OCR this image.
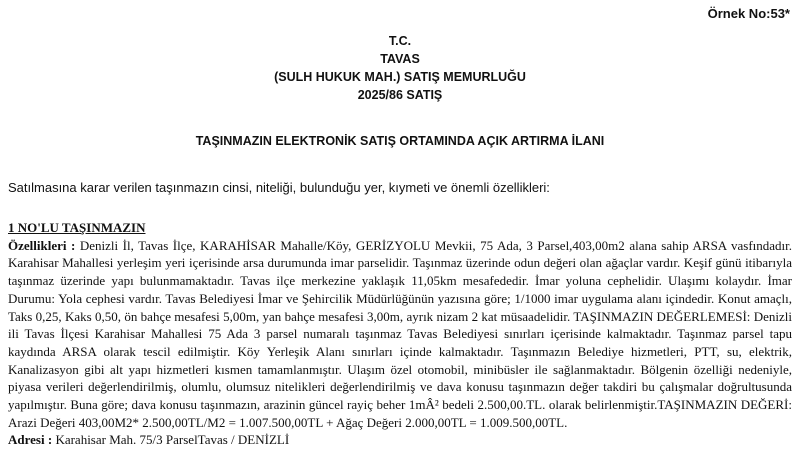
Örnek No:53*
T.C.
TAVAS
(SULH HUKUK MAH.) SATIŞ MEMURLUĞU
2025/86 SATIŞ
TAŞINMAZIN ELEKTRONİK SATIŞ ORTAMINDA AÇIK ARTIRMA İLANI
Satılmasına karar verilen taşınmazın cinsi, niteliği, bulunduğu yer, kıymeti ve önemli özellikleri:
1 NO'LU TAŞINMAZIN

Özellikleri : Denizli İl, Tavas İlçe, KARAHİSAR Mahalle/Köy, GERİZYOLU Mevkii, 75 Ada, 3 Parsel,403,00m2 alana sahip ARSA vasfındadır. Karahisar Mahallesi yerleşim yeri içerisinde arsa durumunda imar parselidir. Taşınmaz üzerinde odun değeri olan ağaçlar vardır. Keşif günü itibarıyla taşınmaz üzerinde yapı bulunmamaktadır. Tavas ilçe merkezine yaklaşık 11,05km mesafededir. İmar yoluna cephelidir. Ulaşımı kolaydır. İmar Durumu: Yola cephesi vardır. Tavas Belediyesi İmar ve Şehircilik Müdürlüğünün yazısına göre; 1/1000 imar uygulama alanı içindedir. Konut amaçlı, Taks 0,25, Kaks 0,50, ön bahçe mesafesi 5,00m, yan bahçe mesafesi 3,00m, ayrık nizam 2 kat müsaadelidir. TAŞINMAZIN DEĞERLEMESİ: Denizli ili Tavas İlçesi Karahisar Mahallesi 75 Ada 3 parsel numaralı taşınmaz Tavas Belediyesi sınırları içerisinde kalmaktadır. Taşınmaz parsel tapu kaydında ARSA olarak tescil edilmiştir. Köy Yerleşik Alanı sınırları içinde kalmaktadır. Taşınmazın Belediye hizmetleri, PTT, su, elektrik, Kanalizasyon gibi alt yapı hizmetleri kısmen tamamlanmıştır. Ulaşım özel otomobil, minibüsler ile sağlanmaktadır. Bölgenin özelliği nedeniyle, piyasa verileri değerlendirilmiş, olumlu, olumsuz nitelikleri değerlendirilmiş ve dava konusu taşınmazın değer takdiri bu çalışmalar doğrultusunda yapılmıştır. Buna göre; dava konusu taşınmazın, arazinin güncel rayiç beher 1mÂ² bedeli 2.500,00.TL. olarak belirlenmiştir.TAŞINMAZIN DEĞERİ: Arazi Değeri 403,00M2* 2.500,00TL/M2 = 1.007.500,00TL + Ağaç Değeri 2.000,00TL = 1.009.500,00TL.

Adresi : Karahisar Mah. 75/3 ParselTavas / DENİZLİ
